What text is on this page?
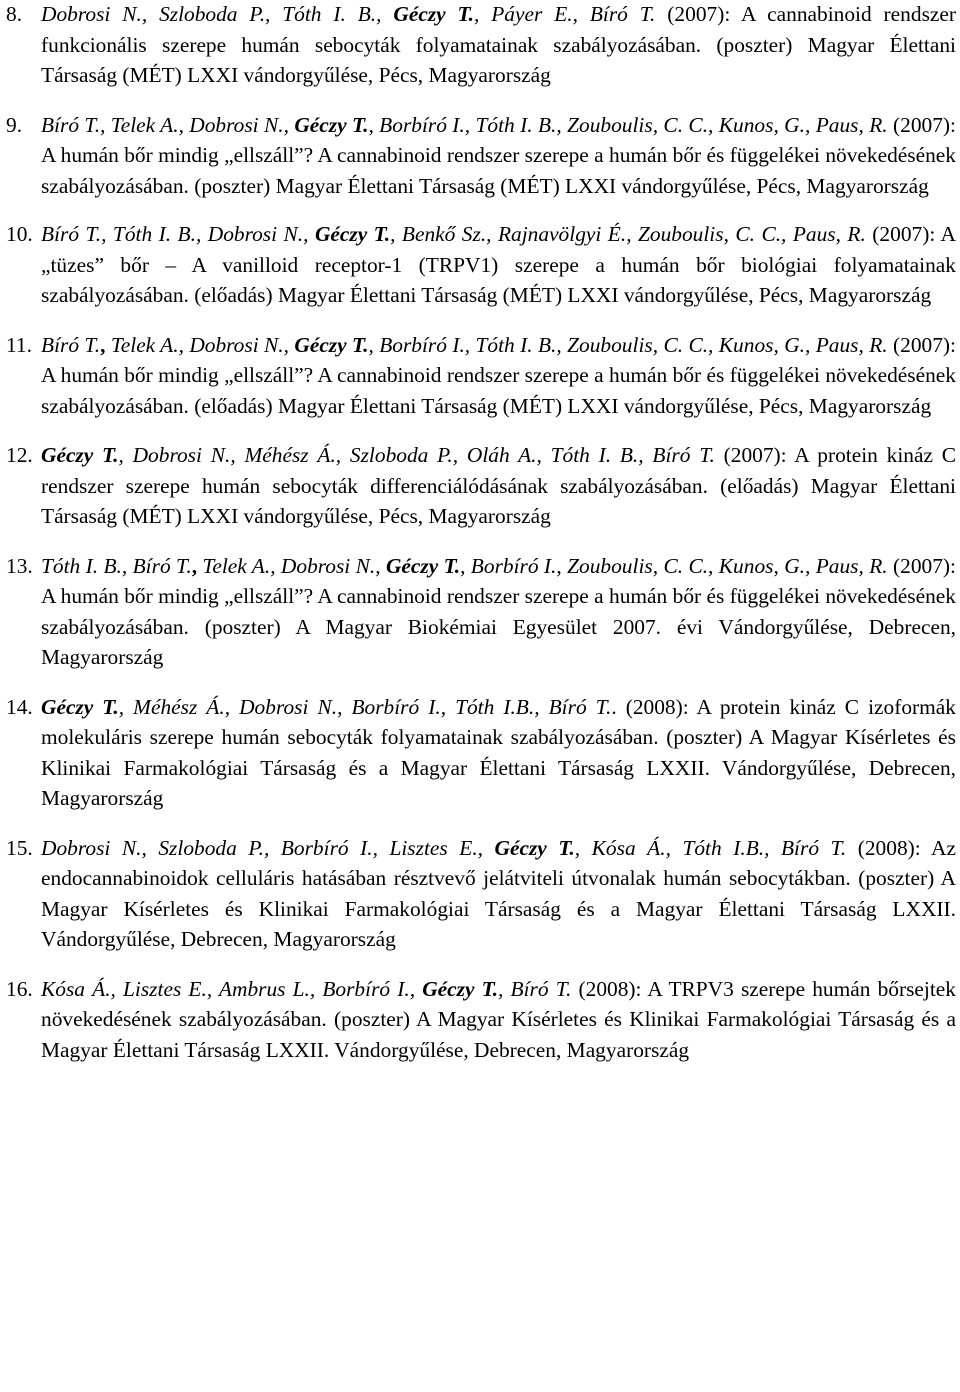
8. Dobrosi N., Szloboda P., Tóth I. B., Géczy T., Páyer E., Bíró T. (2007): A cannabinoid rendszer funkcionális szerepe humán sebocyták folyamatainak szabályozásában. (poszter) Magyar Élettani Társaság (MÉT) LXXI vándorgyűlése, Pécs, Magyarország
9. Bíró T., Telek A., Dobrosi N., Géczy T., Borbíró I., Tóth I. B., Zouboulis, C. C., Kunos, G., Paus, R. (2007): A humán bőr mindig „ellszáll”? A cannabinoid rendszer szerepe a humán bőr és függelékei növekedésének szabályozásában. (poszter) Magyar Élettani Társaság (MÉT) LXXI vándorgyűlése, Pécs, Magyarország
10. Bíró T., Tóth I. B., Dobrosi N., Géczy T., Benkő Sz., Rajnavölgyi É., Zouboulis, C. C., Paus, R. (2007): A „tüzes” bőr – A vanilloid receptor-1 (TRPV1) szerepe a humán bőr biológiai folyamatainak szabályozásában. (előadás) Magyar Élettani Társaság (MÉT) LXXI vándorgyűlése, Pécs, Magyarország
11. Bíró T., Telek A., Dobrosi N., Géczy T., Borbíró I., Tóth I. B., Zouboulis, C. C., Kunos, G., Paus, R. (2007): A humán bőr mindig „ellszáll”? A cannabinoid rendszer szerepe a humán bőr és függelékei növekedésének szabályozásában. (előadás) Magyar Élettani Társaság (MÉT) LXXI vándorgyűlése, Pécs, Magyarország
12. Géczy T., Dobrosi N., Méhész Á., Szloboda P., Oláh A., Tóth I. B., Bíró T. (2007): A protein kináz C rendszer szerepe humán sebocyták differenciálódásának szabályozásában. (előadás) Magyar Élettani Társaság (MÉT) LXXI vándorgyűlése, Pécs, Magyarország
13. Tóth I. B., Bíró T., Telek A., Dobrosi N., Géczy T., Borbíró I., Zouboulis, C. C., Kunos, G., Paus, R. (2007): A humán bőr mindig „ellszáll”? A cannabinoid rendszer szerepe a humán bőr és függelékei növekedésének szabályozásában. (poszter) A Magyar Biokémiai Egyesület 2007. évi Vándorgyűlése, Debrecen, Magyarország
14. Géczy T., Méhész Á., Dobrosi N., Borbíró I., Tóth I.B., Bíró T.. (2008): A protein kináz C izoformák molekuláris szerepe humán sebocyták folyamatainak szabályozásában. (poszter) A Magyar Kísérletes és Klinikai Farmakológiai Társaság és a Magyar Élettani Társaság LXXII. Vándorgyűlése, Debrecen, Magyarország
15. Dobrosi N., Szloboda P., Borbíró I., Lisztes E., Géczy T., Kósa Á., Tóth I.B., Bíró T. (2008): Az endocannabinoidok celluláris hatásában résztvevő jelátviteli útvonalak humán sebocytákban. (poszter) A Magyar Kísérletes és Klinikai Farmakológiai Társaság és a Magyar Élettani Társaság LXXII. Vándorgyűlése, Debrecen, Magyarország
16. Kósa Á., Lisztes E., Ambrus L., Borbíró I., Géczy T., Bíró T. (2008): A TRPV3 szerepe humán bőrsejtek növekedésének szabályozásában. (poszter) A Magyar Kísérletes és Klinikai Farmakológiai Társaság és a Magyar Élettani Társaság LXXII. Vándorgyűlése, Debrecen, Magyarország
